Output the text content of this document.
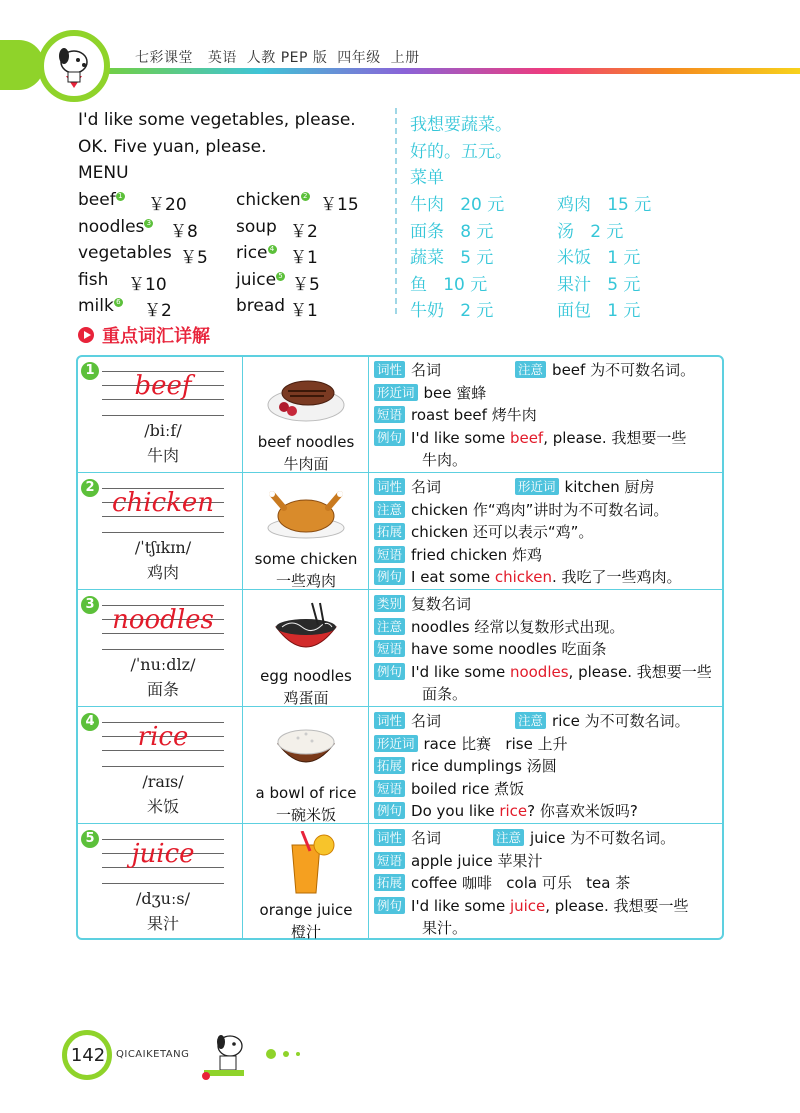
七彩课堂   英语  人教 PEP 版  四年级  上册
I'd like some vegetables, please.
OK. Five yuan, please.
MENU
我想要蔬菜。
好的。五元。
菜单
beef 1 ￥20	chicken 2 ￥15	牛肉   20 元	鸡肉   15 元
noodles 3 ￥8 soup ￥2	面条   8 元	汤   2 元
vegetables ￥5 rice 4 ￥1	蔬菜   5 元	米饭   1 元
fish ￥10	juice 5 ￥5	鱼   10 元	果汁   5 元
milk 6 ￥2	bread ￥1	牛奶   2 元	面包   1 元
重点词汇详解
1
beef
/biːf/
牛肉
beef noodles
牛肉面
词性 名词	注意 beef 为不可数名词。
形近词 bee 蜜蜂
短语 roast beef 烤牛肉
例句 I'd like some beef, please. 我想要一些
牛肉。
2
chicken
/ˈtʃɪkɪn/
鸡肉
some chicken
一些鸡肉
词性 名词	形近词 kitchen 厨房
注意 chicken 作“鸡肉”讲时为不可数名词。
拓展 chicken 还可以表示“鸡”。
短语 fried chicken 炸鸡
例句 I eat some chicken. 我吃了一些鸡肉。
3
noodles
/ˈnuːdlz/
面条
egg noodles
鸡蛋面
类别 复数名词
注意 noodles 经常以复数形式出现。
短语 have some noodles 吃面条
例句 I'd like some noodles, please. 我想要一些
面条。
4
rice
/raɪs/
米饭
a bowl of rice
一碗米饭
词性 名词	注意 rice 为不可数名词。
形近词 race 比赛   rise 上升
拓展 rice dumplings 汤圆
短语 boiled rice 煮饭
例句 Do you like rice? 你喜欢米饭吗?
5
juice
/dʒuːs/
果汁
orange juice
橙汁
词性 名词	注意 juice 为不可数名词。
短语 apple juice 苹果汁
拓展 coffee 咖啡   cola 可乐   tea 茶
例句 I'd like some juice, please. 我想要一些
果汁。
142	QICAIKETANG
